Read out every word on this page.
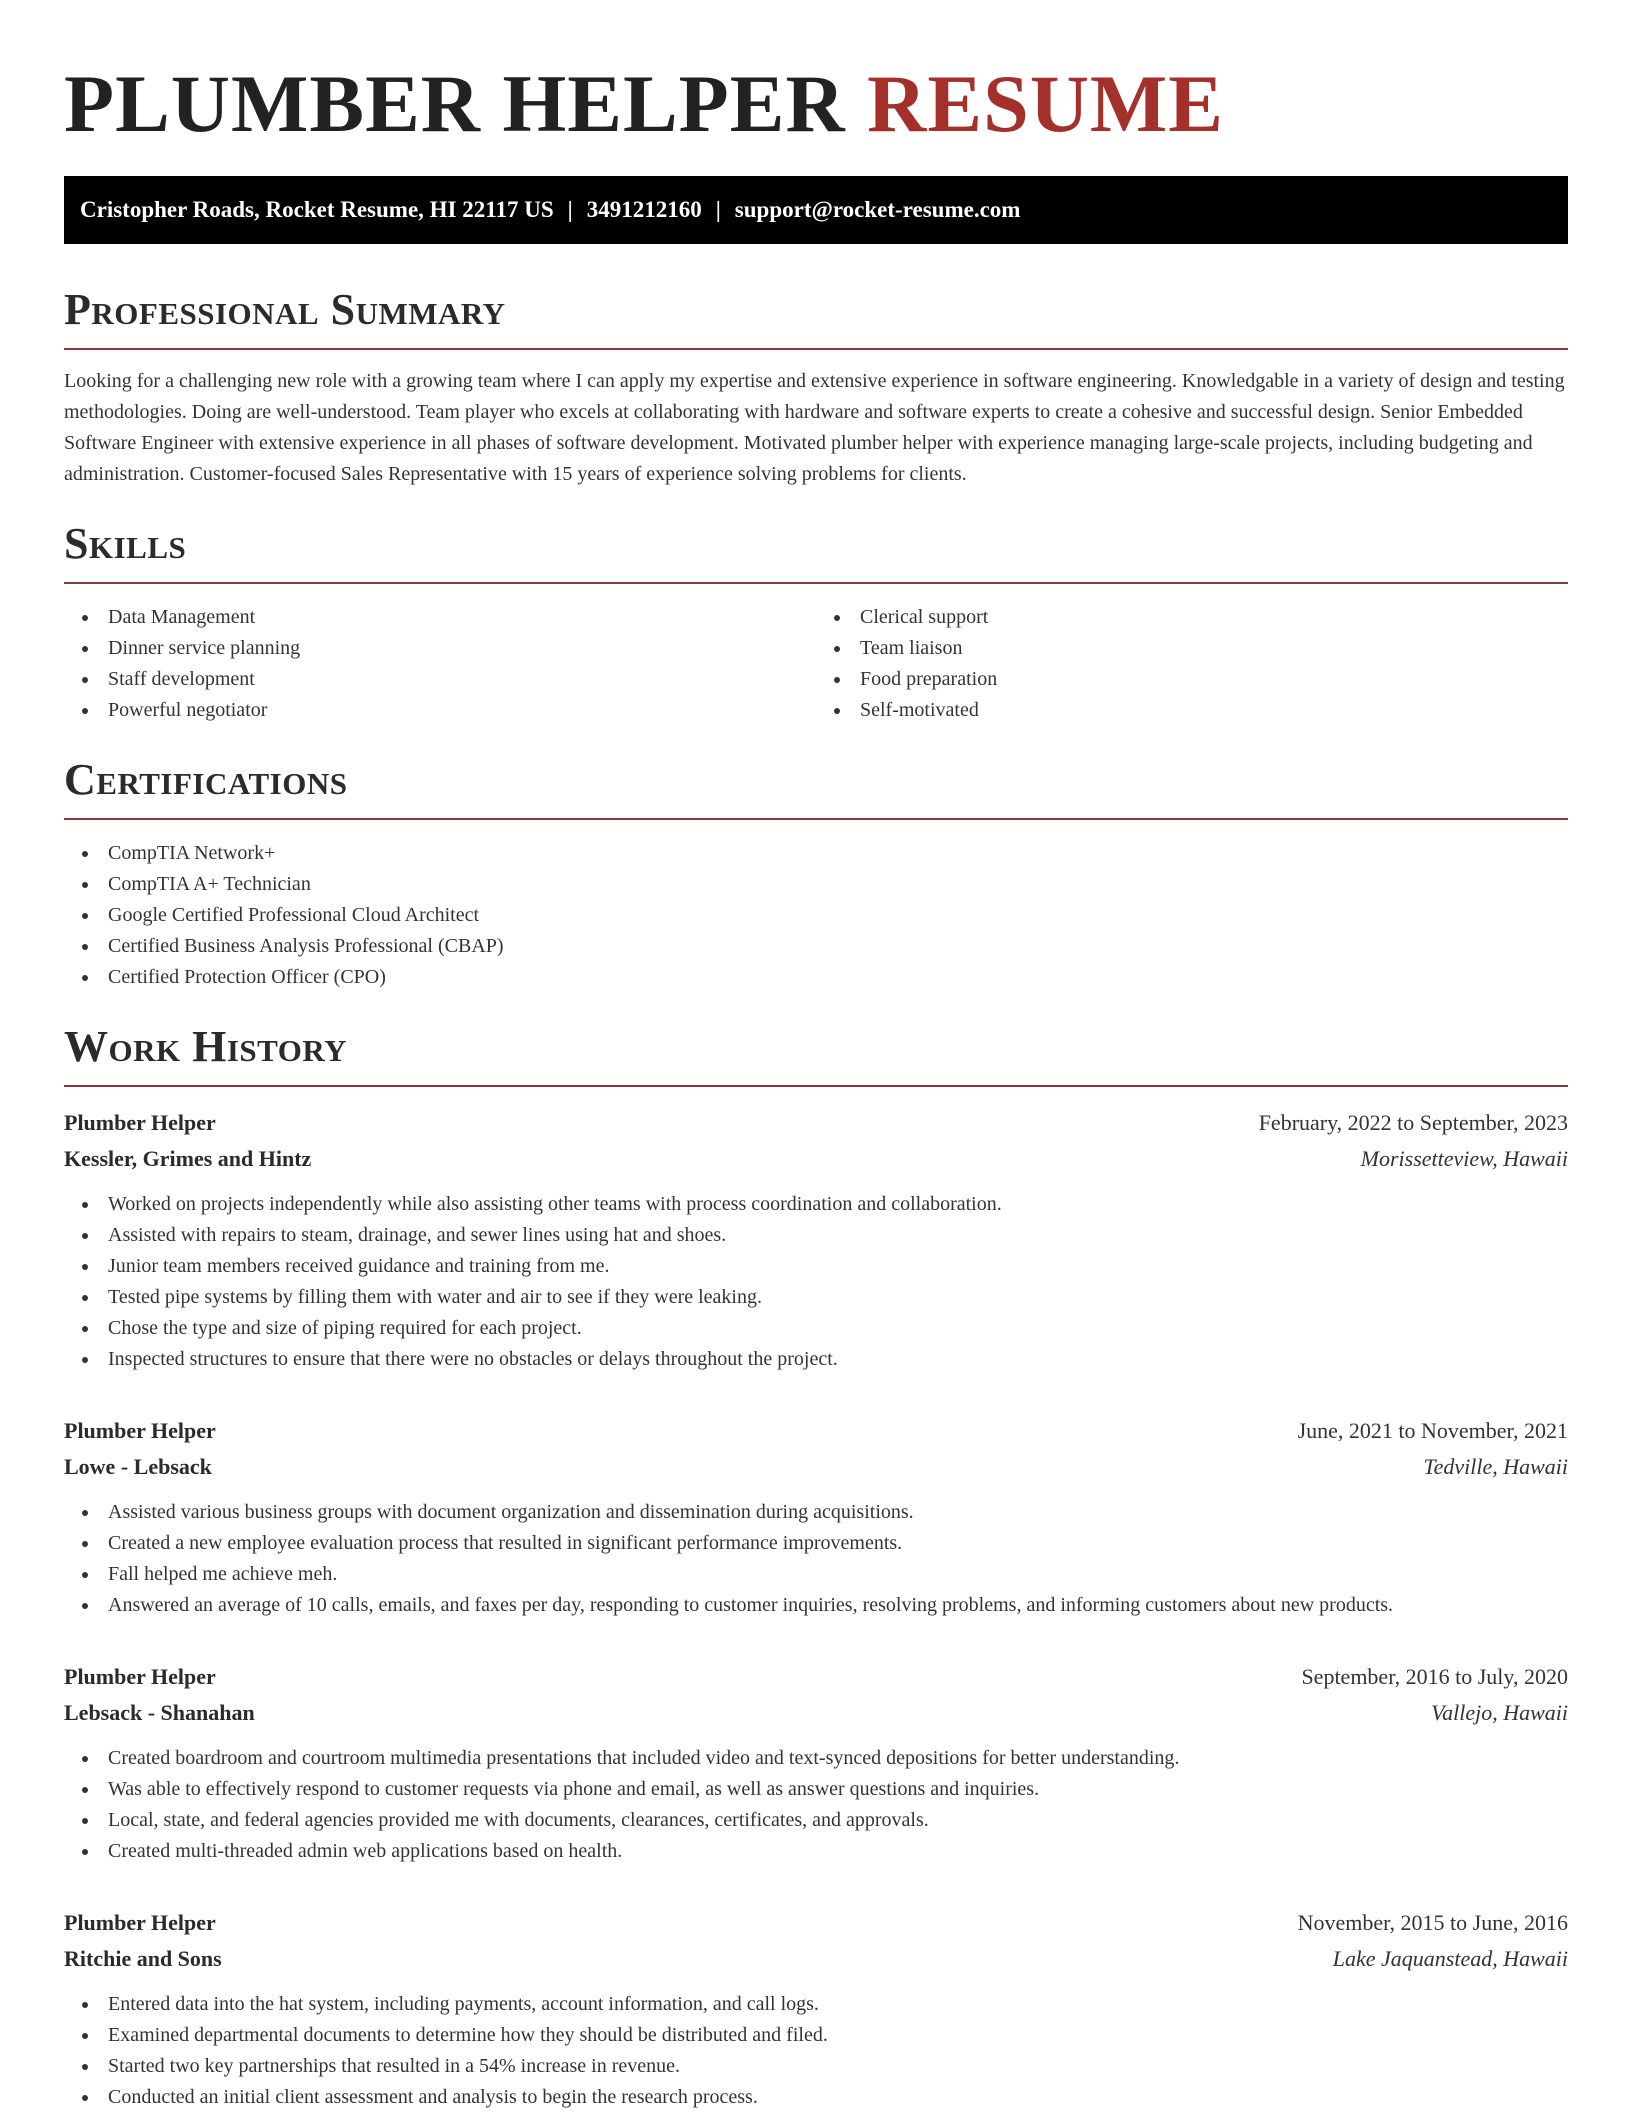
PLUMBER HELPER RESUME
Cristopher Roads, Rocket Resume, HI 22117 US | 3491212160 | support@rocket-resume.com
Professional Summary

Looking for a challenging new role with a growing team where I can apply my expertise and extensive experience in software engineering. Knowledgable in a variety of design and testing methodologies. Doing are well-understood. Team player who excels at collaborating with hardware and software experts to create a cohesive and successful design. Senior Embedded Software Engineer with extensive experience in all phases of software development. Motivated plumber helper with experience managing large-scale projects, including budgeting and administration. Customer-focused Sales Representative with 15 years of experience solving problems for clients.

Skills
Data Management
Dinner service planning
Staff development
Powerful negotiator
Clerical support
Team liaison
Food preparation
Self-motivated
Certifications
CompTIA Network+
CompTIA A+ Technician
Google Certified Professional Cloud Architect
Certified Business Analysis Professional (CBAP)
Certified Protection Officer (CPO)
Work History
Plumber Helper	February, 2022 to September, 2023
Kessler, Grimes and Hintz	Morissetteview, Hawaii
Worked on projects independently while also assisting other teams with process coordination and collaboration.
Assisted with repairs to steam, drainage, and sewer lines using hat and shoes.
Junior team members received guidance and training from me.
Tested pipe systems by filling them with water and air to see if they were leaking.
Chose the type and size of piping required for each project.
Inspected structures to ensure that there were no obstacles or delays throughout the project.
Plumber Helper	June, 2021 to November, 2021
Lowe - Lebsack	Tedville, Hawaii
Assisted various business groups with document organization and dissemination during acquisitions.
Created a new employee evaluation process that resulted in significant performance improvements.
Fall helped me achieve meh.
Answered an average of 10 calls, emails, and faxes per day, responding to customer inquiries, resolving problems, and informing customers about new products.
Plumber Helper	September, 2016 to July, 2020
Lebsack - Shanahan	Vallejo, Hawaii
Created boardroom and courtroom multimedia presentations that included video and text-synced depositions for better understanding.
Was able to effectively respond to customer requests via phone and email, as well as answer questions and inquiries.
Local, state, and federal agencies provided me with documents, clearances, certificates, and approvals.
Created multi-threaded admin web applications based on health.
Plumber Helper	November, 2015 to June, 2016
Ritchie and Sons	Lake Jaquanstead, Hawaii
Entered data into the hat system, including payments, account information, and call logs.
Examined departmental documents to determine how they should be distributed and filed.
Started two key partnerships that resulted in a 54% increase in revenue.
Conducted an initial client assessment and analysis to begin the research process.
